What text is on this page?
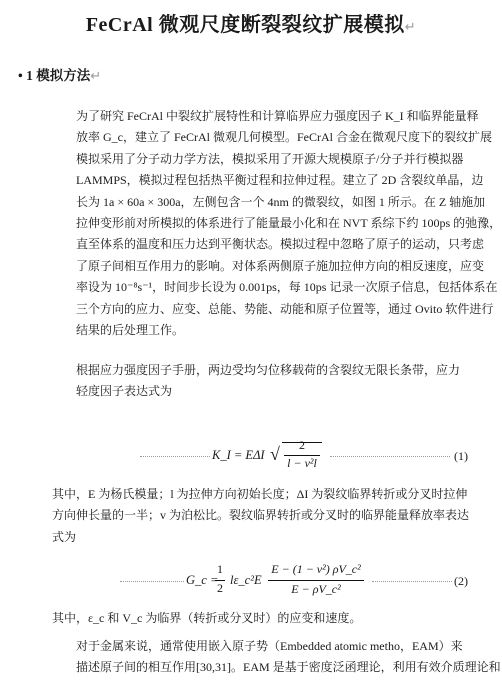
FeCrAl 微观尺度断裂裂纹扩展模拟↵
• 1 模拟方法↵
为了研究 FeCrAl 中裂纹扩展特性和计算临界应力强度因子 K_I 和临界能量释
放率 G_c，建立了 FeCrAl 微观几何模型。FeCrAl 合金在微观尺度下的裂纹扩展
模拟采用了分子动力学方法，模拟采用了开源大规模原子/分子并行模拟器
LAMMPS，模拟过程包括热平衡过程和拉伸过程。建立了 2D 含裂纹单晶，边
长为 1a × 60a × 300a，左侧包含一个 4nm 的微裂纹，如图 1 所示。在 Z 轴施加
拉伸变形前对所模拟的体系进行了能量最小化和在 NVT 系综下约 100ps 的弛豫，
直至体系的温度和压力达到平衡状态。模拟过程中忽略了原子的运动，只考虑
了原子间相互作用力的影响。对体系两侧原子施加拉伸方向的相反速度，应变
率设为 10⁻⁸s⁻¹，时间步长设为 0.001ps，每 10ps 记录一次原子信息，包括体系在
三个方向的应力、应变、总能、势能、动能和原子位置等，通过 Ovito 软件进行
结果的后处理工作。
根据应力强度因子手册，两边受均匀位移载荷的含裂纹无限长条带，应力
轻度因子表达式为
K_I = EΔI √	2
l − v²l	(1)
其中，E 为杨氏模量；l 为拉伸方向初始长度；ΔI 为裂纹临界转折或分叉时拉伸
方向伸长量的一半；v 为泊松比。裂纹临界转折或分叉时的临界能量释放率表达
式为
G_c =
1
2
lε_c²E
E − (1 − v²) ρV_c²
E − ρV_c²
(2)
其中，ε_c 和 V_c 为临界（转折或分叉时）的应变和速度。
对于金属来说，通常使用嵌入原子势（Embedded atomic metho，EAM）来
描述原子间的相互作用[30,31]。EAM 是基于密度泛函理论，利用有效介质理论和
